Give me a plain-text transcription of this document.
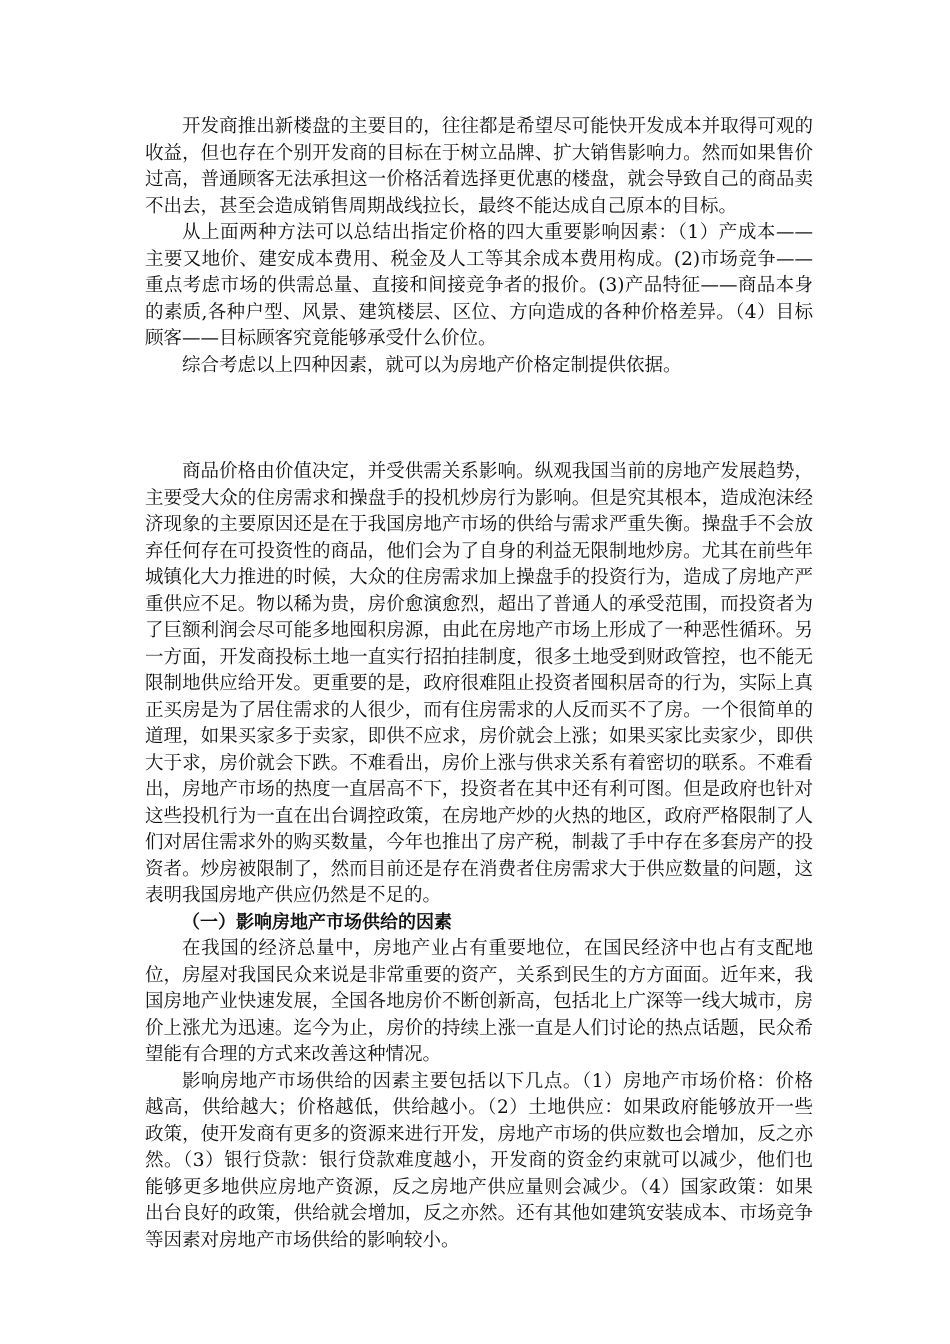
开发商推出新楼盘的主要目的，往往都是希望尽可能快开发成本并取得可观的收益，但也存在个别开发商的目标在于树立品牌、扩大销售影响力。然而如果售价过高，普通顾客无法承担这一价格活着选择更优惠的楼盘，就会导致自己的商品卖不出去，甚至会造成销售周期战线拉长，最终不能达成自己原本的目标。

从上面两种方法可以总结出指定价格的四大重要影响因素：（1）产成本——主要又地价、建安成本费用、税金及人工等其余成本费用构成。(2)市场竞争——重点考虑市场的供需总量、直接和间接竞争者的报价。(3)产品特征——商品本身的素质,各种户型、风景、建筑楼层、区位、方向造成的各种价格差异。（4）目标顾客——目标顾客究竟能够承受什么价位。

综合考虑以上四种因素，就可以为房地产价格定制提供依据。

商品价格由价值决定，并受供需关系影响。纵观我国当前的房地产发展趋势，主要受大众的住房需求和操盘手的投机炒房行为影响。但是究其根本，造成泡沫经济现象的主要原因还是在于我国房地产市场的供给与需求严重失衡。操盘手不会放弃任何存在可投资性的商品，他们会为了自身的利益无限制地炒房。尤其在前些年城镇化大力推进的时候，大众的住房需求加上操盘手的投资行为，造成了房地产严重供应不足。物以稀为贵，房价愈演愈烈，超出了普通人的承受范围，而投资者为了巨额利润会尽可能多地囤积房源，由此在房地产市场上形成了一种恶性循环。另一方面，开发商投标土地一直实行招拍挂制度，很多土地受到财政管控，也不能无限制地供应给开发。更重要的是，政府很难阻止投资者囤积居奇的行为，实际上真正买房是为了居住需求的人很少，而有住房需求的人反而买不了房。一个很简单的道理，如果买家多于卖家，即供不应求，房价就会上涨；如果买家比卖家少，即供大于求，房价就会下跌。不难看出，房价上涨与供求关系有着密切的联系。不难看出，房地产市场的热度一直居高不下，投资者在其中还有利可图。但是政府也针对这些投机行为一直在出台调控政策，在房地产炒的火热的地区，政府严格限制了人们对居住需求外的购买数量，今年也推出了房产税，制裁了手中存在多套房产的投资者。炒房被限制了，然而目前还是存在消费者住房需求大于供应数量的问题，这表明我国房地产供应仍然是不足的。

（一）影响房地产市场供给的因素

在我国的经济总量中，房地产业占有重要地位，在国民经济中也占有支配地位，房屋对我国民众来说是非常重要的资产，关系到民生的方方面面。近年来，我国房地产业快速发展，全国各地房价不断创新高，包括北上广深等一线大城市，房价上涨尤为迅速。迄今为止，房价的持续上涨一直是人们讨论的热点话题，民众希望能有合理的方式来改善这种情况。

影响房地产市场供给的因素主要包括以下几点。（1）房地产市场价格：价格越高，供给越大；价格越低，供给越小。（2）土地供应：如果政府能够放开一些政策，使开发商有更多的资源来进行开发，房地产市场的供应数也会增加，反之亦然。（3）银行贷款：银行贷款难度越小，开发商的资金约束就可以减少，他们也能够更多地供应房地产资源，反之房地产供应量则会减少。（4）国家政策：如果出台良好的政策，供给就会增加，反之亦然。还有其他如建筑安装成本、市场竞争等因素对房地产市场供给的影响较小。
